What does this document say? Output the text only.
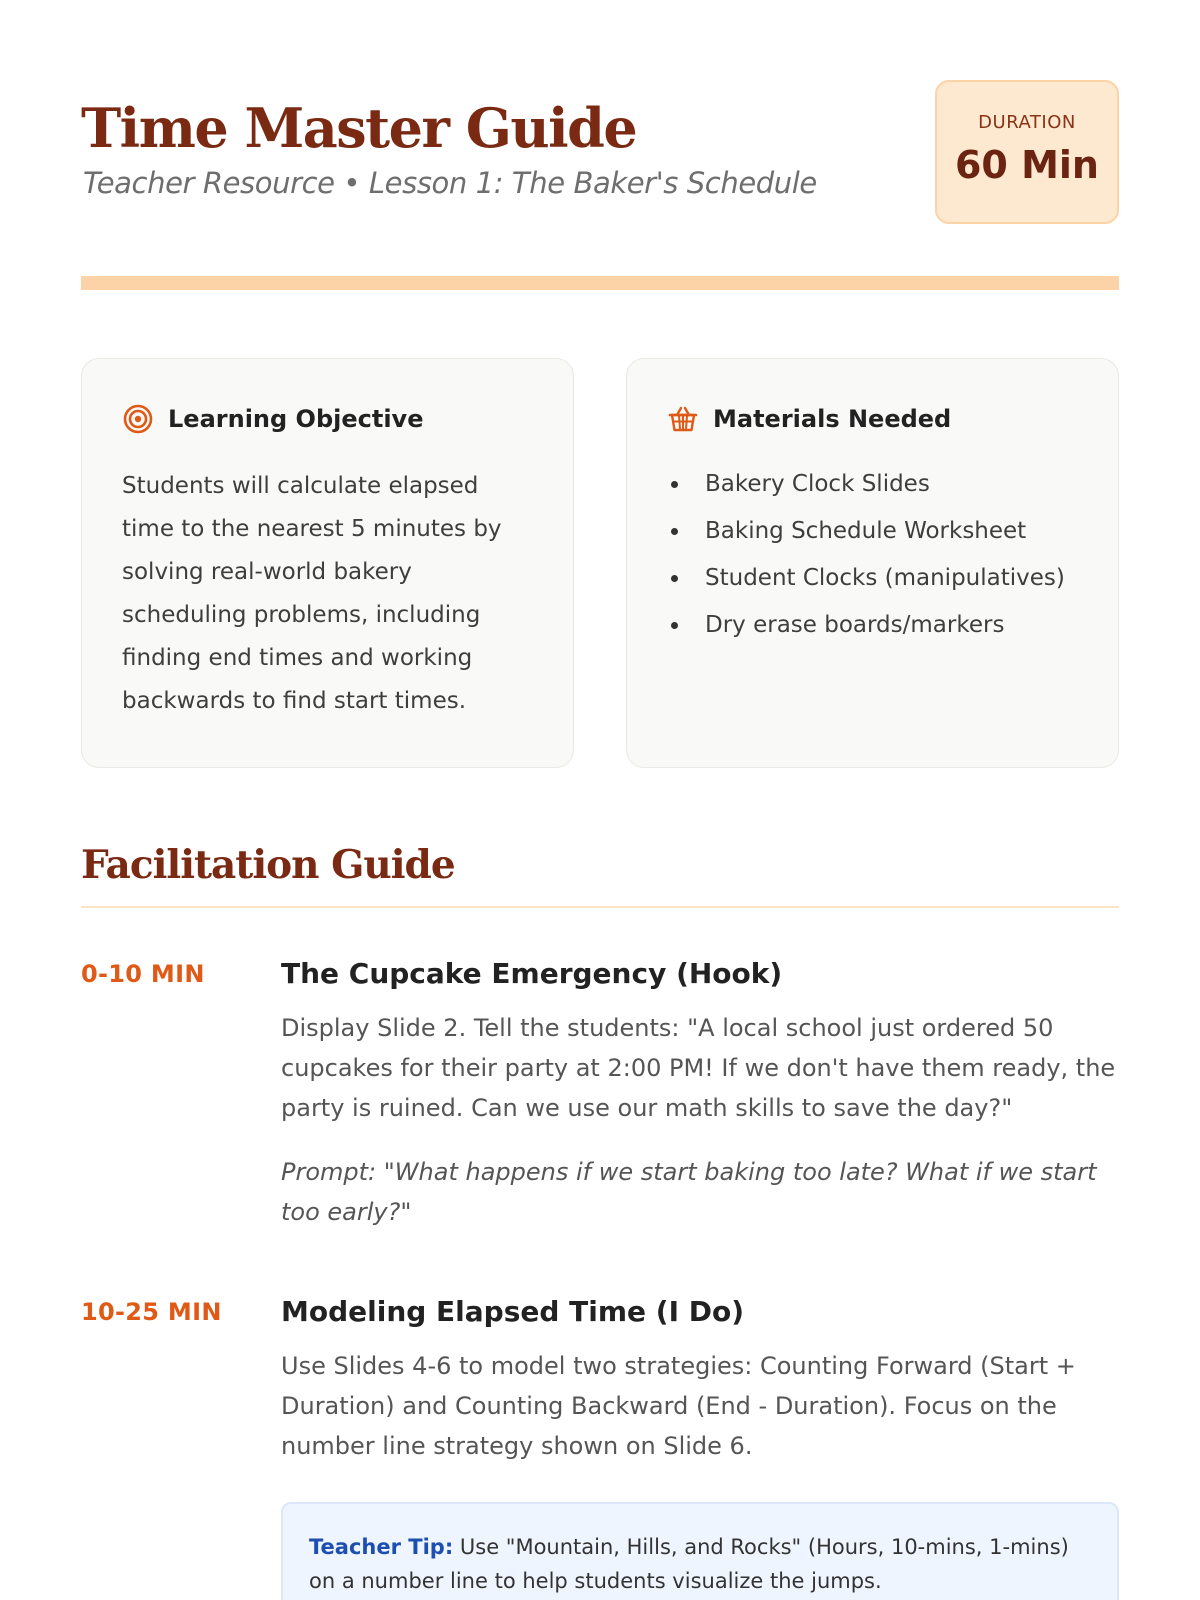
Time Master Guide
Teacher Resource • Lesson 1: The Baker's Schedule
DURATION
60 Min
Learning Objective

Students will calculate elapsed time to the nearest 5 minutes by solving real-world bakery scheduling problems, including finding end times and working backwards to find start times.

Materials Needed
Bakery Clock Slides
Baking Schedule Worksheet
Student Clocks (manipulatives)
Dry erase boards/markers
Facilitation Guide
0-10 MIN	The Cupcake Emergency (Hook)

Display Slide 2. Tell the students: "A local school just ordered 50 cupcakes for their party at 2:00 PM! If we don't have them ready, the party is ruined. Can we use our math skills to save the day?"

Prompt: "What happens if we start baking too late? What if we start too early?"

10-25 MIN Modeling Elapsed Time (I Do)

Use Slides 4-6 to model two strategies: Counting Forward (Start + Duration) and Counting Backward (End - Duration). Focus on the number line strategy shown on Slide 6.

Teacher Tip: Use "Mountain, Hills, and Rocks" (Hours, 10-mins, 1-mins) on a number line to help students visualize the jumps.
